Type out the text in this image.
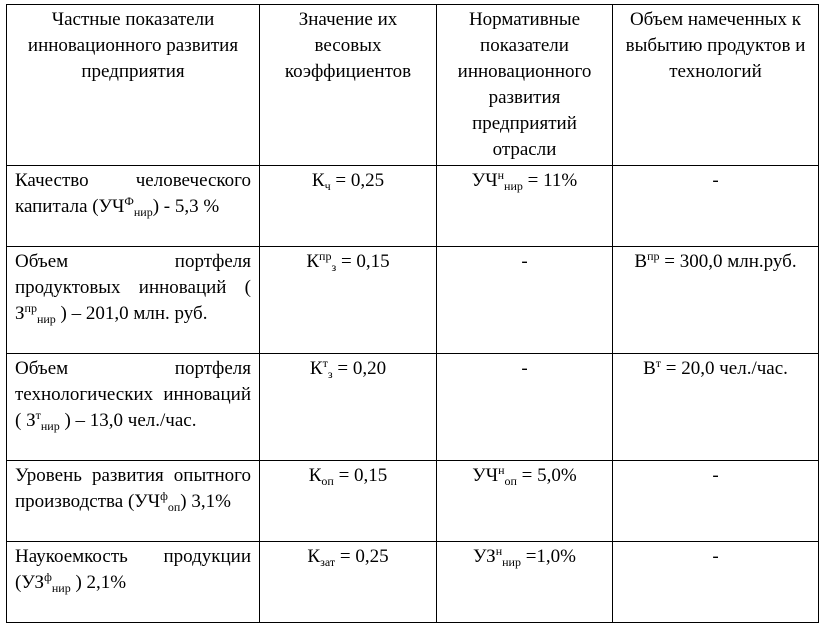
Частные показатели инновационного развития предприятия	Значение их весовых коэффициентов	Нормативные показатели инновационного развития предприятий отрасли	Объем намеченных к выбытию продуктов и технологий
Качество человеческого капитала $(УЧ^Ф_{нир}) - 5,3$ %	$К_ч = 0,25$	$УЧ^н_{нир} = 11\%$	-
Объем портфеля продуктовых инноваций ( $З^{пр}_{нир}$ ) – 201,0 млн. руб.	$К^{пр}_з = 0,15$	-	$В^{пр} = 300,0$ млн.руб.
Объем портфеля технологических инноваций ( $З^т_{нир}$ ) – 13,0 чел./час.	$К^т_з = 0,20$	-	$В^т = 20,0$ чел./час.
Уровень развития опытного производства $(УЧ^ф_{оп})$ 3,1%	$К_{оп} = 0,15$	$УЧ^н_{оп} = 5,0\%$	-
Наукоемкость продукции ($УЗ^ф_{нир}$ ) 2,1%	$К_{зат} = 0,25$	$УЗ^н_{нир} =1,0\%$	-
